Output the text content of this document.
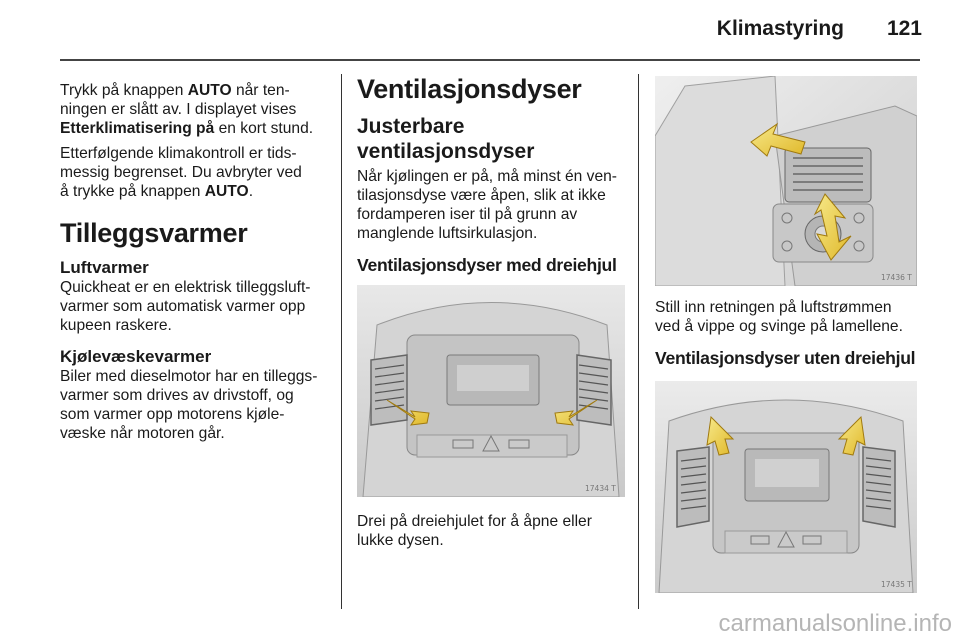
Klimastyring	121

Trykk på knappen AUTO når ten-
ningen er slått av. I displayet vises
Etterklimatisering på en kort stund.

Etterfølgende klimakontroll er tids-
messig begrenset. Du avbryter ved
å trykke på knappen AUTO.

Tilleggsvarmer
Luftvarmer

Quickheat er en elektrisk tilleggsluft-
varmer som automatisk varmer opp
kupeen raskere.

Kjølevæskevarmer

Biler med dieselmotor har en tilleggs-
varmer som drives av drivstoff, og
som varmer opp motorens kjøle-
væske når motoren går.

Ventilasjonsdyser
Justerbare
ventilasjonsdyser

Når kjølingen er på, må minst én ven-
tilasjonsdyse være åpen, slik at ikke
fordamperen iser til på grunn av
manglende luftsirkulasjon.

Ventilasjonsdyser med dreiehjul
17434 T

Drei på dreiehjulet for å åpne eller
lukke dysen.

17436 T

Still inn retningen på luftstrømmen
ved å vippe og svinge på lamellene.

Ventilasjonsdyser uten dreiehjul
17435 T
carmanualsonline.info
